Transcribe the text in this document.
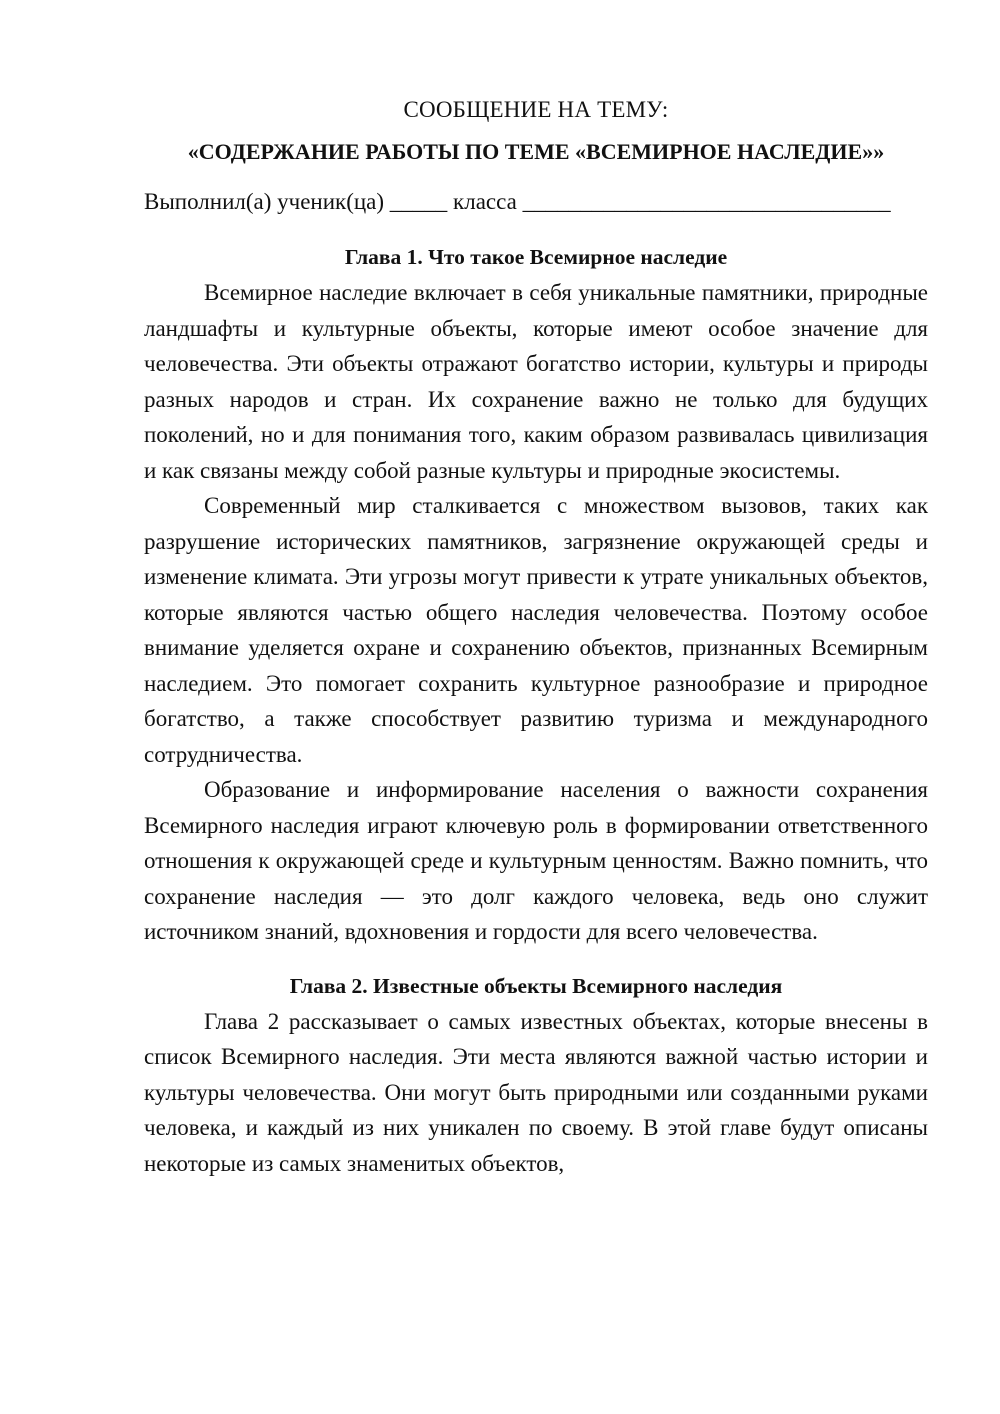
СООБЩЕНИЕ НА ТЕМУ:

«СОДЕРЖАНИЕ РАБОТЫ ПО ТЕМЕ «ВСЕМИРНОЕ НАСЛЕДИЕ»»

Выполнил(а) ученик(ца) _____ класса ________________________________

Глава 1. Что такое Всемирное наследие

Всемирное наследие включает в себя уникальные памятники, природные ландшафты и культурные объекты, которые имеют особое значение для человечества. Эти объекты отражают богатство истории, культуры и природы разных народов и стран. Их сохранение важно не только для будущих поколений, но и для понимания того, каким образом развивалась цивилизация и как связаны между собой разные культуры и природные экосистемы.

Современный мир сталкивается с множеством вызовов, таких как разрушение исторических памятников, загрязнение окружающей среды и изменение климата. Эти угрозы могут привести к утрате уникальных объектов, которые являются частью общего наследия человечества. Поэтому особое внимание уделяется охране и сохранению объектов, признанных Всемирным наследием. Это помогает сохранить культурное разнообразие и природное богатство, а также способствует развитию туризма и международного сотрудничества.

Образование и информирование населения о важности сохранения Всемирного наследия играют ключевую роль в формировании ответственного отношения к окружающей среде и культурным ценностям. Важно помнить, что сохранение наследия — это долг каждого человека, ведь оно служит источником знаний, вдохновения и гордости для всего человечества.

Глава 2. Известные объекты Всемирного наследия

Глава 2 рассказывает о самых известных объектах, которые внесены в список Всемирного наследия. Эти места являются важной частью истории и культуры человечества. Они могут быть природными или созданными руками человека, и каждый из них уникален по своему. В этой главе будут описаны некоторые из самых знаменитых объектов,
